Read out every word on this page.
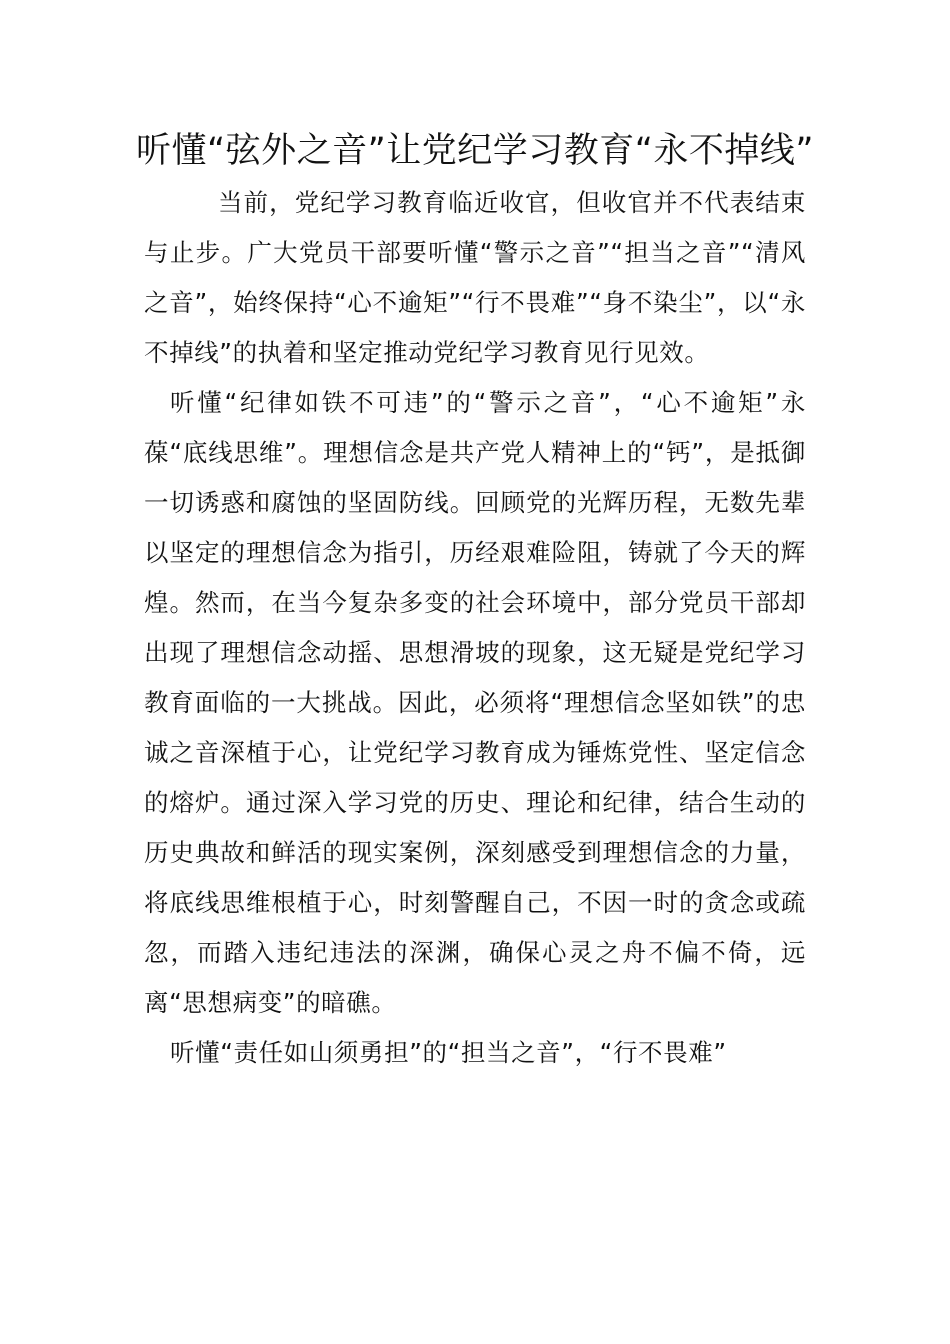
听懂“弦外之音”让党纪学习教育“永不掉线”

当前，党纪学习教育临近收官，但收官并不代表结束与止步。广大党员干部要听懂“警示之音”“担当之音”“清风之音”，始终保持“心不逾矩”“行不畏难”“身不染尘”，以“永不掉线”的执着和坚定推动党纪学习教育见行见效。

听懂“纪律如铁不可违”的“警示之音”，“心不逾矩”永葆“底线思维”。理想信念是共产党人精神上的“钙”，是抵御一切诱惑和腐蚀的坚固防线。回顾党的光辉历程，无数先辈以坚定的理想信念为指引，历经艰难险阻，铸就了今天的辉煌。然而，在当今复杂多变的社会环境中，部分党员干部却出现了理想信念动摇、思想滑坡的现象，这无疑是党纪学习教育面临的一大挑战。因此，必须将“理想信念坚如铁”的忠诚之音深植于心，让党纪学习教育成为锤炼党性、坚定信念的熔炉。通过深入学习党的历史、理论和纪律，结合生动的历史典故和鲜活的现实案例，深刻感受到理想信念的力量，将底线思维根植于心，时刻警醒自己，不因一时的贪念或疏忽，而踏入违纪违法的深渊，确保心灵之舟不偏不倚，远离“思想病变”的暗礁。

听懂“责任如山须勇担”的“担当之音”，“行不畏难”
